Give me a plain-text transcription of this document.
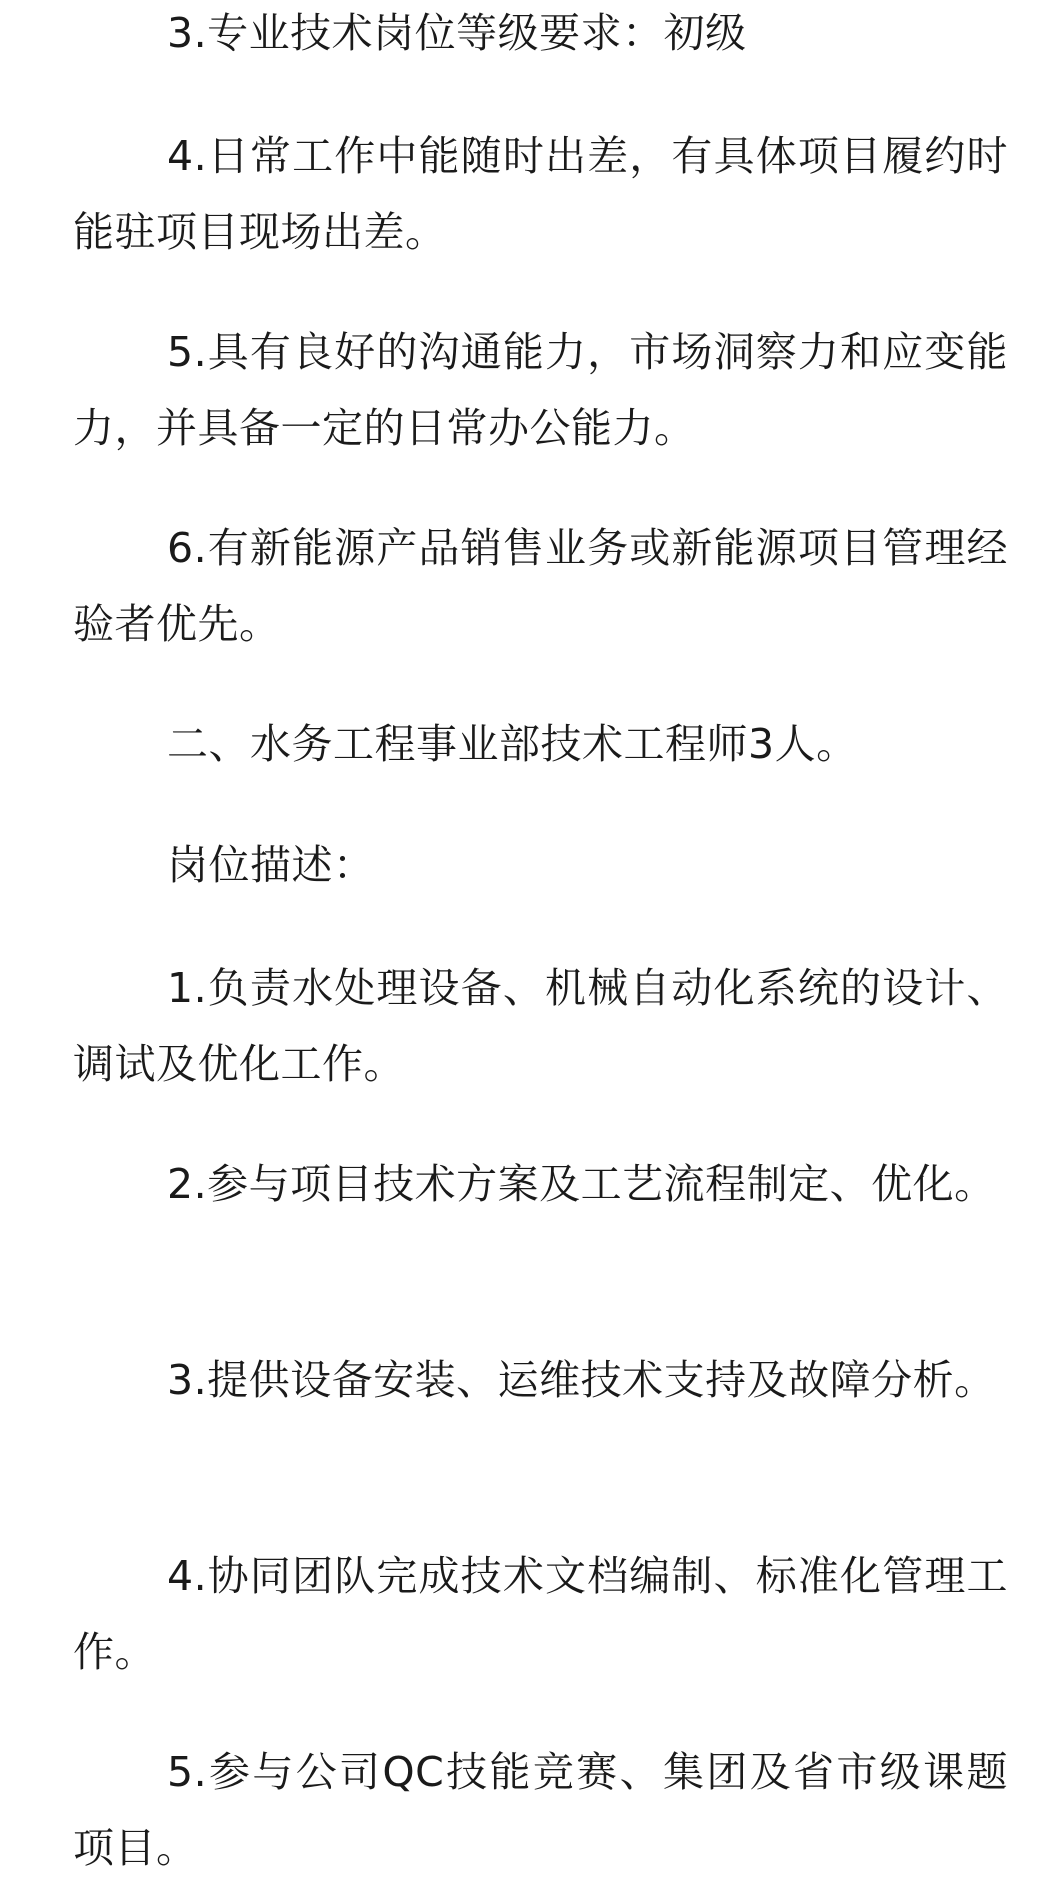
3.专业技术岗位等级要求：初级

4.日常工作中能随时出差，有具体项目履约时能驻项目现场出差。

5.具有良好的沟通能力，市场洞察力和应变能力，并具备一定的日常办公能力。

6.有新能源产品销售业务或新能源项目管理经验者优先。

二、水务工程事业部技术工程师3人。

岗位描述：

1.负责水处理设备、机械自动化系统的设计、调试及优化工作。

2.参与项目技术方案及工艺流程制定、优化。

3.提供设备安装、运维技术支持及故障分析。

4.协同团队完成技术文档编制、标准化管理工作。

5.参与公司QC技能竞赛、集团及省市级课题项目。
